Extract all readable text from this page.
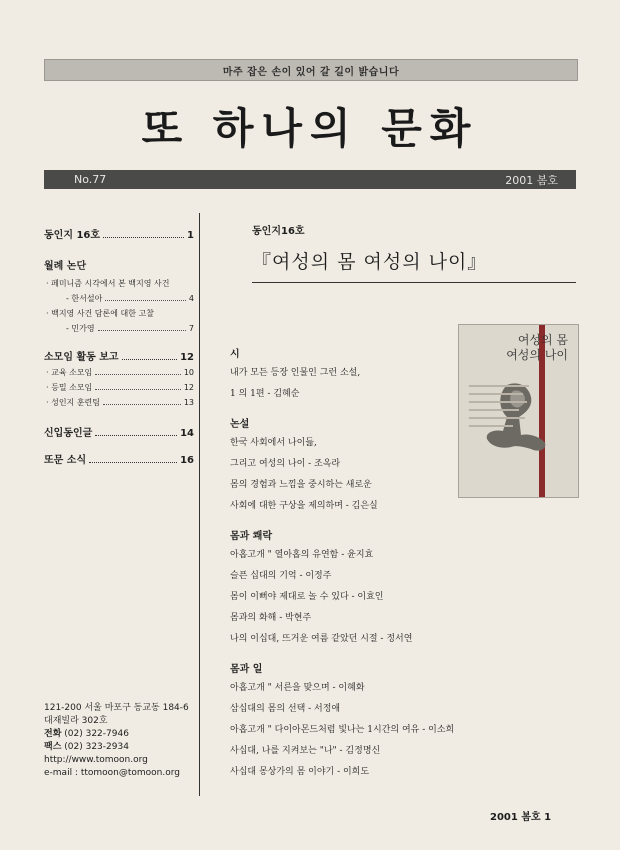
마주 잡은 손이 있어 갈 길이 밝습니다
또 하나의 문화
No.77	2001 봄호
동인지 16호	1
월례 논단
· 페미니즘 시각에서 본 백지영 사건
- 한서설아	4
· 백지영 사건 담론에 대한 고찰
- 민가영	7
소모임 활동 보고	12
· 교육 소모임	10
· 등밀 소모임	12
· 성인지 훈련팀	13
신입동인글	14
또문 소식	16
121-200 서울 마포구 동교동 184-6
대재빌라 302호
전화 (02) 322-7946
팩스 (02) 323-2934
http://www.tomoon.org
e-mail : ttomoon@tomoon.org
동인지16호
『여성의 몸 여성의 나이』
시
내가 모든 등장 인물인 그런 소설,
1 의 1편 - 김혜순
논설
한국 사회에서 나이듦,
그리고 여성의 나이 - 조옥라
몸의 경험과 느낌을 중시하는 새로운
사회에 대한 구상을 제의하며 - 김은실
몸과 쾌락
아홉고개 " 열아홉의 유연함 - 윤지효
슬픈 십대의 기억 - 이정주
몸이 이뻐야 제대로 놀 수 있다 - 이효인
몸과의 화해 - 박현주
나의 이십대, 뜨거운 여름 같았던 시절 - 정서연
몸과 일
아홉고개 " 서른을 맞으며 - 이혜화
삼십대의 몸의 선택 - 서정애
아홉고개 " 다이아몬드처럼 빛나는 1시간의 여유 - 이소희
사십대, 나를 지켜보는 "나" - 김정명신
사십대 몽상가의 몸 이야기 - 이희도
여성의 몸
여성의 나이
2001 봄호 1
